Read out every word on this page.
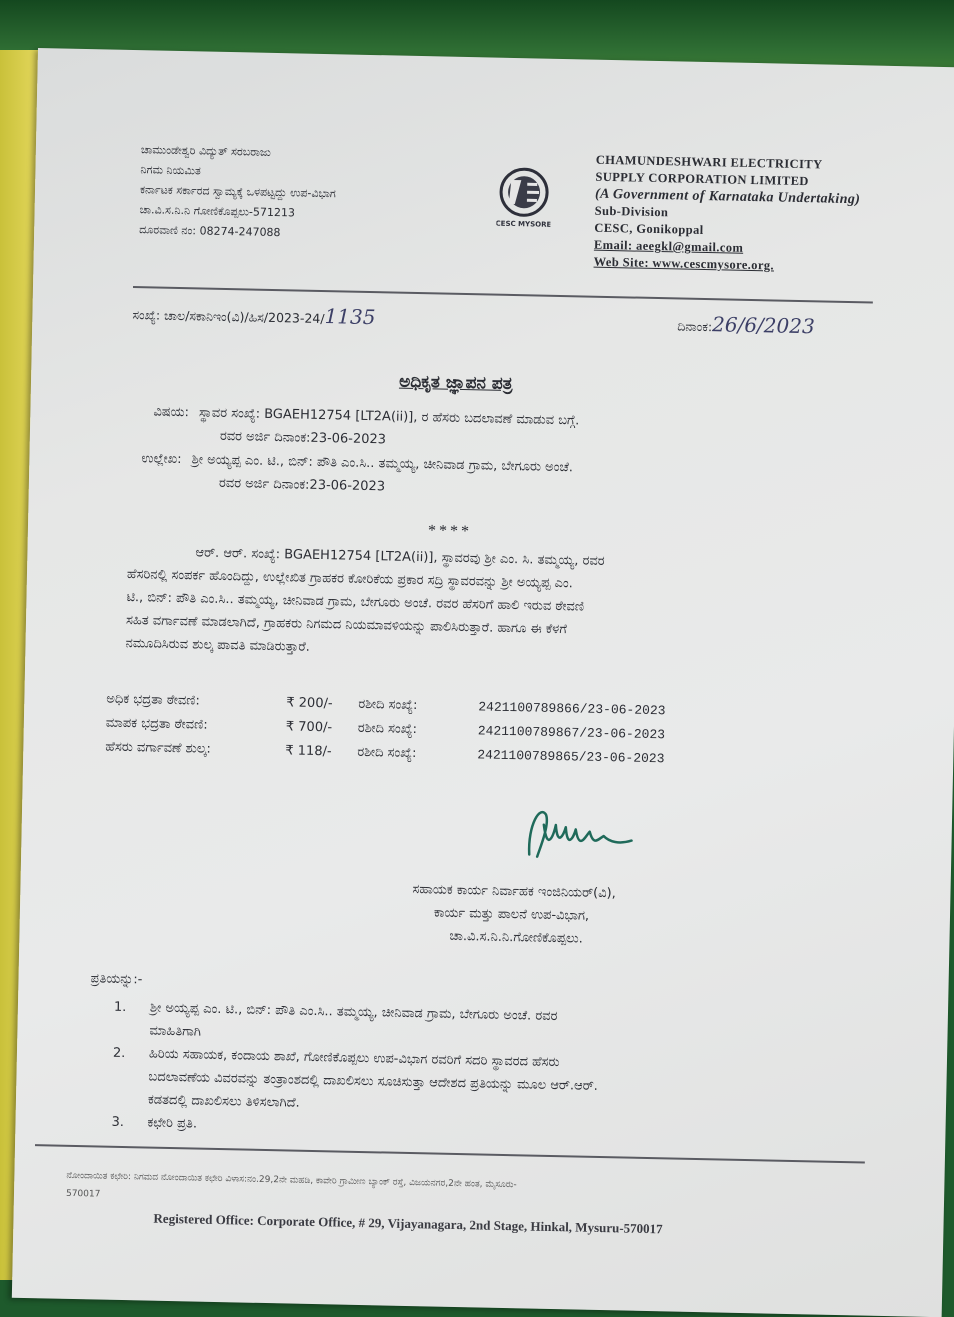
ಚಾಮುಂಡೇಶ್ವರಿ ವಿದ್ಯುತ್ ಸರಬರಾಜು
ನಿಗಮ ನಿಯಮಿತ
ಕರ್ನಾಟಕ ಸರ್ಕಾರದ ಸ್ವಾಮ್ಯಕ್ಕೆ ಒಳಪಟ್ಟದ್ದು ಉಪ-ವಿಭಾಗ
ಚಾ.ವಿ.ಸ.ನಿ.ನಿ ಗೋಣಿಕೊಪ್ಪಲು-571213
ದೂರವಾಣಿ ನಂ: 08274-247088	CESC MYSORE
CHAMUNDESHWARI ELECTRICITY
SUPPLY CORPORATION LIMITED
(A Government of Karnataka Undertaking)
Sub-Division
CESC, Gonikoppal
Email: aeegkl@gmail.com
Web Site: www.cescmysore.org.
ಸಂಖ್ಯೆ: ಚಾಲ/ಸಕಾನಿಇಂ(ವಿ)/ಹಿಸ/2023-24/1135	ದಿನಾಂಕ:26/6/2023
ಅಧಿಕೃತ ಜ್ಞಾಪನ ಪತ್ರ
ವಿಷಯ: ಸ್ಥಾವರ ಸಂಖ್ಯೆ: BGAEH12754 [LT2A(ii)], ರ ಹೆಸರು ಬದಲಾವಣೆ ಮಾಡುವ ಬಗ್ಗೆ.
ರವರ ಅರ್ಜಿ ದಿನಾಂಕ:23-06-2023
ಉಲ್ಲೇಖ: ಶ್ರೀ ಅಯ್ಯಪ್ಪ ಎಂ. ಟಿ., ಬಿನ್: ಪೌತಿ ಎಂ.ಸಿ.. ತಮ್ಮಯ್ಯ, ಚೀನಿವಾಡ ಗ್ರಾಮ, ಬೇಗೂರು ಅಂಚೆ.
ರವರ ಅರ್ಜಿ ದಿನಾಂಕ:23-06-2023
****
ಆರ್. ಆರ್. ಸಂಖ್ಯೆ: BGAEH12754 [LT2A(ii)], ಸ್ಥಾವರವು ಶ್ರೀ ಎಂ. ಸಿ. ತಮ್ಮಯ್ಯ, ರವರ
ಹೆಸರಿನಲ್ಲಿ ಸಂಪರ್ಕ ಹೊಂದಿದ್ದು, ಉಲ್ಲೇಖಿತ ಗ್ರಾಹಕರ ಕೋರಿಕೆಯ ಪ್ರಕಾರ ಸದ್ರಿ ಸ್ಥಾವರವನ್ನು ಶ್ರೀ ಅಯ್ಯಪ್ಪ ಎಂ.
ಟಿ., ಬಿನ್: ಪೌತಿ ಎಂ.ಸಿ.. ತಮ್ಮಯ್ಯ, ಚೀನಿವಾಡ ಗ್ರಾಮ, ಬೇಗೂರು ಅಂಚೆ. ರವರ ಹೆಸರಿಗೆ ಹಾಲಿ ಇರುವ ಠೇವಣಿ
ಸಹಿತ ವರ್ಗಾವಣೆ ಮಾಡಲಾಗಿದೆ, ಗ್ರಾಹಕರು ನಿಗಮದ ನಿಯಮಾವಳಿಯನ್ನು ಪಾಲಿಸಿರುತ್ತಾರೆ. ಹಾಗೂ ಈ ಕೆಳಗೆ
ನಮೂದಿಸಿರುವ ಶುಲ್ಕ ಪಾವತಿ ಮಾಡಿರುತ್ತಾರೆ.
ಅಧಿಕ ಭದ್ರತಾ ಠೇವಣಿ:	₹ 200/- ರಶೀದಿ ಸಂಖ್ಯೆ:	2421100789866/23-06-2023
ಮಾಪಕ ಭದ್ರತಾ ಠೇವಣಿ:	₹ 700/- ರಶೀದಿ ಸಂಖ್ಯೆ:	2421100789867/23-06-2023
ಹೆಸರು ವರ್ಗಾವಣೆ ಶುಲ್ಕ:	₹ 118/- ರಶೀದಿ ಸಂಖ್ಯೆ:	2421100789865/23-06-2023
ಸಹಾಯಕ ಕಾರ್ಯ ನಿರ್ವಾಹಕ ಇಂಜಿನಿಯರ್(ವಿ),
ಕಾರ್ಯ ಮತ್ತು ಪಾಲನೆ ಉಪ-ವಿಭಾಗ,
ಚಾ.ವಿ.ಸ.ನಿ.ನಿ.ಗೋಣಿಕೊಪ್ಪಲು.
ಪ್ರತಿಯನ್ನು:-
1.	ಶ್ರೀ ಅಯ್ಯಪ್ಪ ಎಂ. ಟಿ., ಬಿನ್: ಪೌತಿ ಎಂ.ಸಿ.. ತಮ್ಮಯ್ಯ, ಚೀನಿವಾಡ ಗ್ರಾಮ, ಬೇಗೂರು ಅಂಚೆ. ರವರ
ಮಾಹಿತಿಗಾಗಿ
2.	ಹಿರಿಯ ಸಹಾಯಕ, ಕಂದಾಯ ಶಾಖೆ, ಗೋಣಿಕೊಪ್ಪಲು ಉಪ-ವಿಭಾಗ ರವರಿಗೆ ಸದರಿ ಸ್ಥಾವರದ ಹೆಸರು
ಬದಲಾವಣೆಯ ವಿವರವನ್ನು ತಂತ್ರಾಂಶದಲ್ಲಿ ದಾಖಲಿಸಲು ಸೂಚಿಸುತ್ತಾ ಆದೇಶದ ಪ್ರತಿಯನ್ನು ಮೂಲ ಆರ್.ಆರ್.
ಕಡತದಲ್ಲಿ ದಾಖಲಿಸಲು ತಿಳಿಸಲಾಗಿದೆ.
3.	ಕಛೇರಿ ಪ್ರತಿ.
ನೋಂದಾಯಿತ ಕಛೇರಿ: ನಿಗಮದ ನೋಂದಾಯಿತ ಕಛೇರಿ ವಿಳಾಸ:ನಂ.29,2ನೇ ಮಹಡಿ, ಕಾವೇರಿ ಗ್ರಾಮೀಣ ಬ್ಯಾಂಕ್ ರಸ್ತೆ, ವಿಜಯನಗರ,2ನೇ ಹಂತ, ಮೈಸೂರು-
570017
Registered Office: Corporate Office, # 29, Vijayanagara, 2nd Stage, Hinkal, Mysuru-570017
